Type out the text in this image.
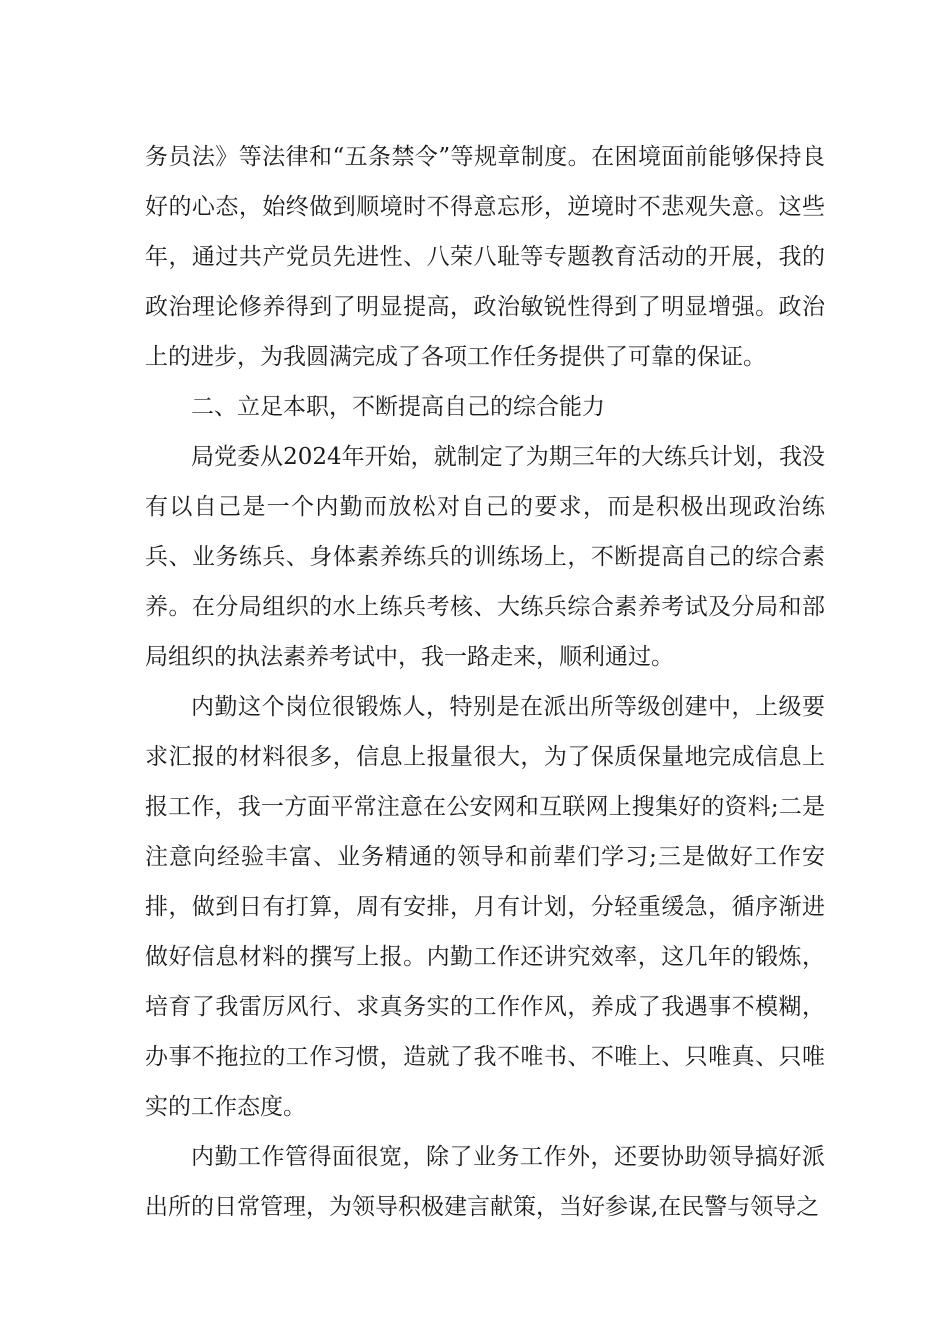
务员法》等法律和“五条禁令”等规章制度。在困境面前能够保持良好的心态，始终做到顺境时不得意忘形，逆境时不悲观失意。这些年，通过共产党员先进性、八荣八耻等专题教育活动的开展，我的政治理论修养得到了明显提高，政治敏锐性得到了明显增强。政治上的进步，为我圆满完成了各项工作任务提供了可靠的保证。

二、立足本职，不断提高自己的综合能力

局党委从2024年开始，就制定了为期三年的大练兵计划，我没有以自己是一个内勤而放松对自己的要求，而是积极出现政治练兵、业务练兵、身体素养练兵的训练场上，不断提高自己的综合素养。在分局组织的水上练兵考核、大练兵综合素养考试及分局和部局组织的执法素养考试中，我一路走来，顺利通过。

内勤这个岗位很锻炼人，特别是在派出所等级创建中，上级要求汇报的材料很多，信息上报量很大，为了保质保量地完成信息上报工作，我一方面平常注意在公安网和互联网上搜集好的资料;二是注意向经验丰富、业务精通的领导和前辈们学习;三是做好工作安排，做到日有打算，周有安排，月有计划，分轻重缓急，循序渐进做好信息材料的撰写上报。内勤工作还讲究效率，这几年的锻炼，培育了我雷厉风行、求真务实的工作作风，养成了我遇事不模糊，办事不拖拉的工作习惯，造就了我不唯书、不唯上、只唯真、只唯实的工作态度。

内勤工作管得面很宽，除了业务工作外，还要协助领导搞好派出所的日常管理，为领导积极建言献策，当好参谋,在民警与领导之
